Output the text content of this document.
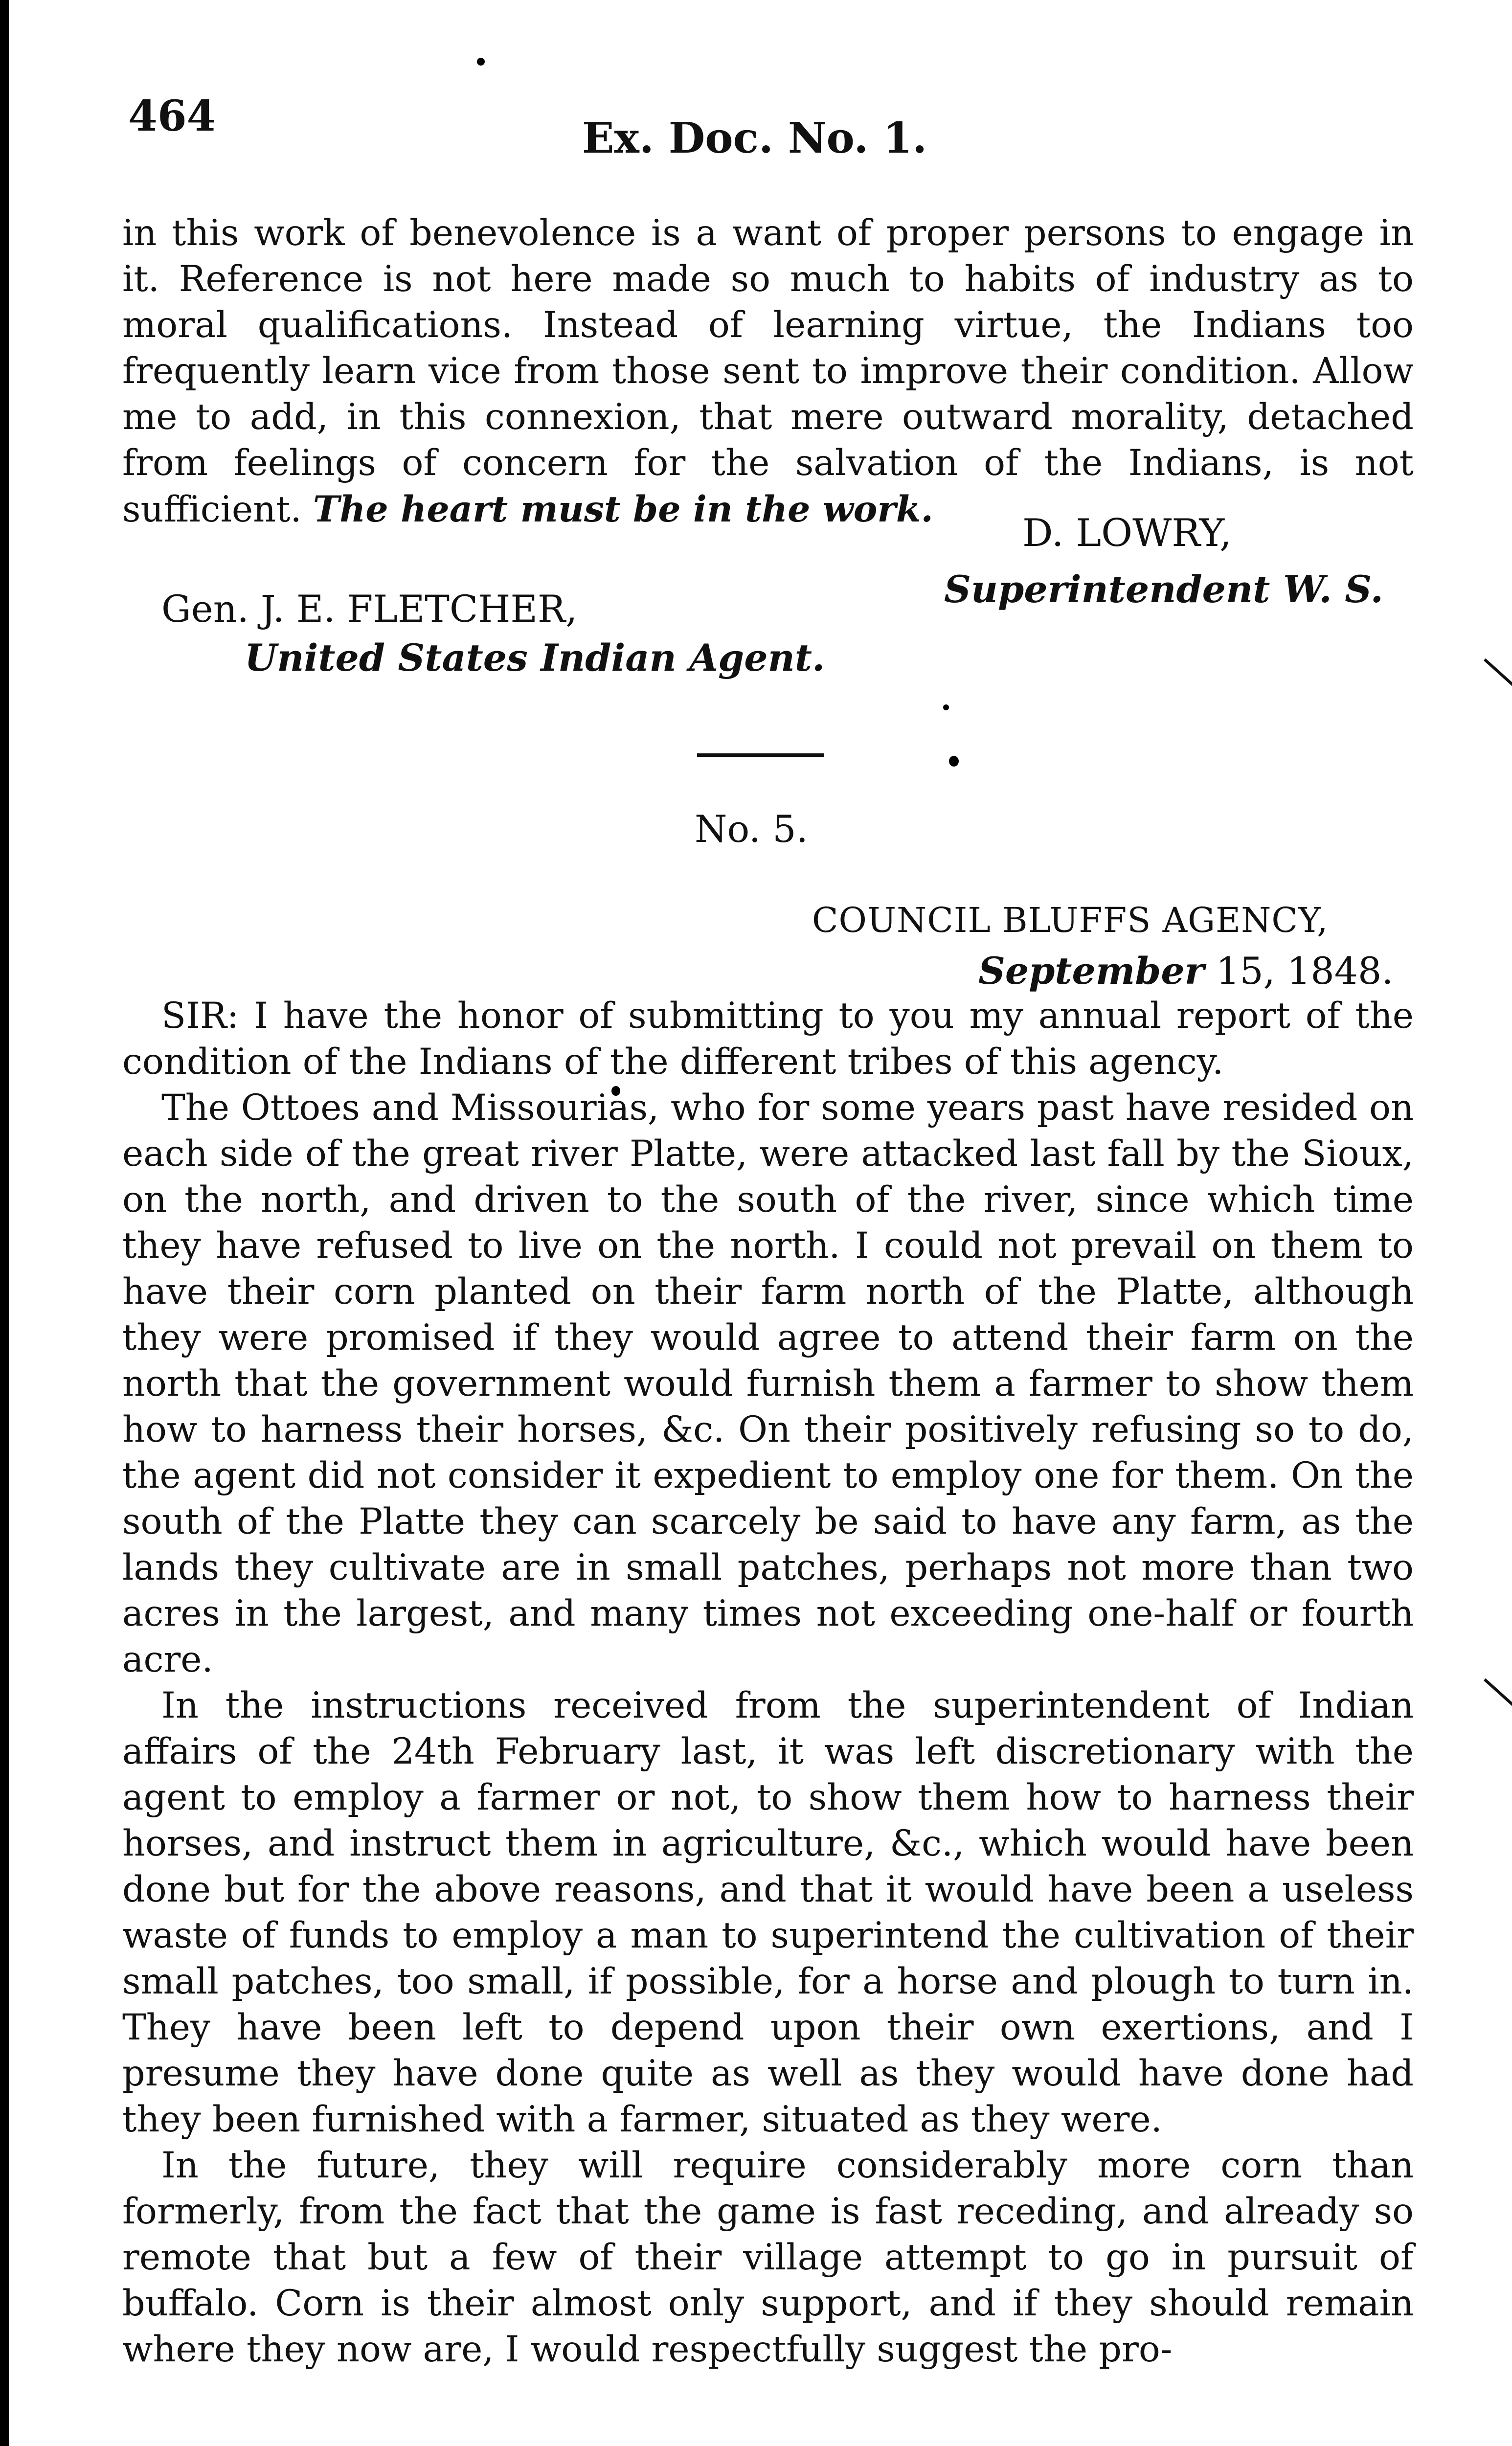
464	Ex. Doc. No. 1.

in this work of benevolence is a want of proper persons to engage in it. Reference is not here made so much to habits of industry as to moral qualifications. Instead of learning virtue, the Indians too frequently learn vice from those sent to improve their condition. Allow me to add, in this connexion, that mere outward morality, detached from feelings of concern for the salvation of the Indians, is not sufficient. The heart must be in the work.

D. LOWRY,
Superintendent W. S.
Gen. J. E. FLETCHER,
United States Indian Agent.
No. 5.
COUNCIL BLUFFS AGENCY,
September 15, 1848.

SIR: I have the honor of submitting to you my annual report of the condition of the Indians of the different tribes of this agency.

The Ottoes and Missourias, who for some years past have resided on each side of the great river Platte, were attacked last fall by the Sioux, on the north, and driven to the south of the river, since which time they have refused to live on the north. I could not prevail on them to have their corn planted on their farm north of the Platte, although they were promised if they would agree to attend their farm on the north that the government would furnish them a farmer to show them how to harness their horses, &c. On their positively refusing so to do, the agent did not consider it expedient to employ one for them. On the south of the Platte they can scarcely be said to have any farm, as the lands they cultivate are in small patches, perhaps not more than two acres in the largest, and many times not exceeding one-half or fourth acre.

In the instructions received from the superintendent of Indian affairs of the 24th February last, it was left discretionary with the agent to employ a farmer or not, to show them how to harness their horses, and instruct them in agriculture, &c., which would have been done but for the above reasons, and that it would have been a useless waste of funds to employ a man to superintend the cultivation of their small patches, too small, if possible, for a horse and plough to turn in. They have been left to depend upon their own exertions, and I presume they have done quite as well as they would have done had they been furnished with a farmer, situated as they were.

In the future, they will require considerably more corn than formerly, from the fact that the game is fast receding, and already so remote that but a few of their village attempt to go in pursuit of buffalo. Corn is their almost only support, and if they should remain where they now are, I would respectfully suggest the pro-
